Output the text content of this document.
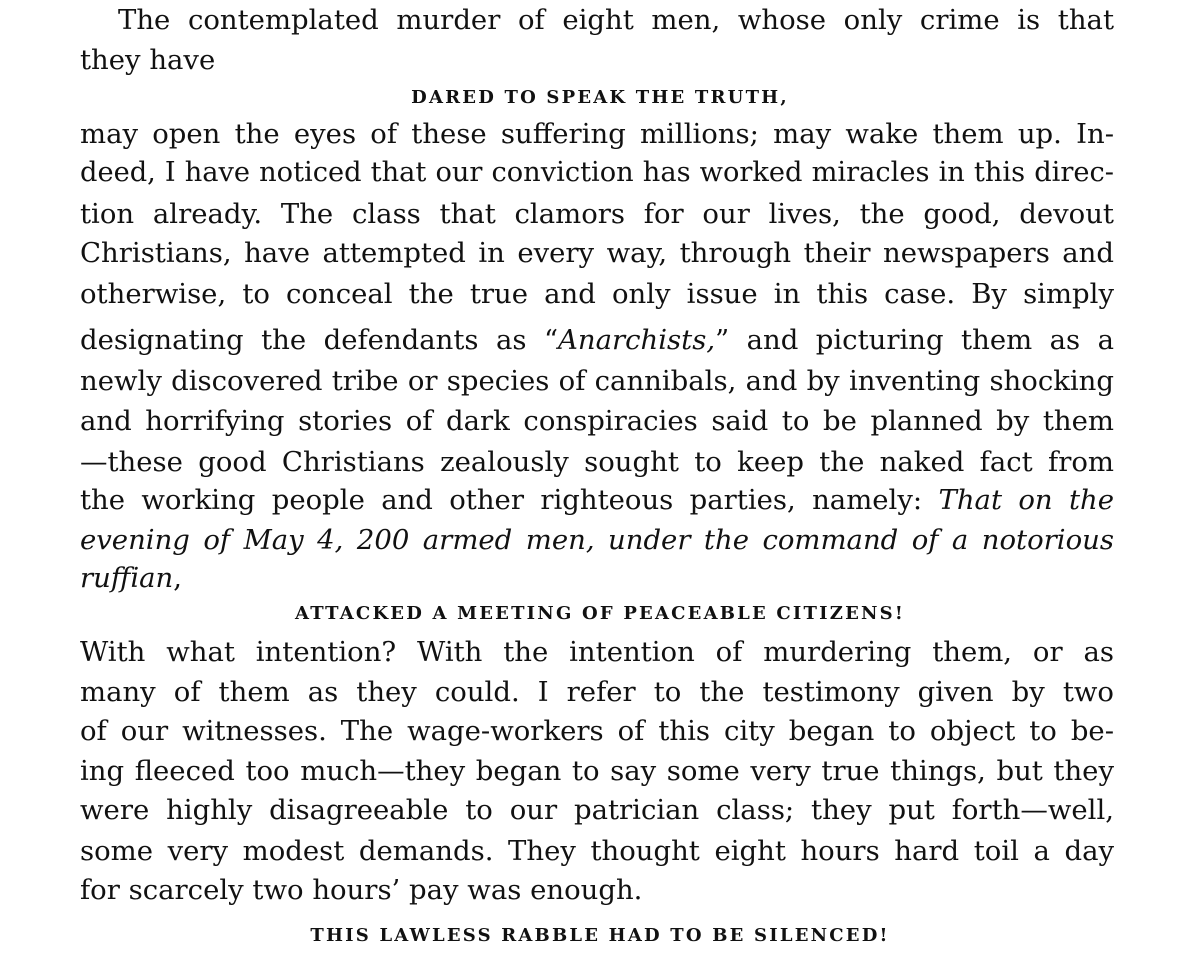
The contemplated murder of eight men, whose only crime is that
they have
DARED TO SPEAK THE TRUTH,
may open the eyes of these suffering millions; may wake them up. In-
deed, I have noticed that our conviction has worked miracles in this direc-
tion already. The class that clamors for our lives, the good, devout
Christians, have attempted in every way, through their newspapers and
otherwise, to conceal the true and only issue in this case. By simply
designating the defendants as “Anarchists,” and picturing them as a
newly discovered tribe or species of cannibals, and by inventing shocking
and horrifying stories of dark conspiracies said to be planned by them
—these good Christians zealously sought to keep the naked fact from
the working people and other righteous parties, namely: That on the
evening of May 4, 200 armed men, under the command of a notorious
ruffian,
ATTACKED A MEETING OF PEACEABLE CITIZENS!
With what intention? With the intention of murdering them, or as
many of them as they could. I refer to the testimony given by two
of our witnesses. The wage-workers of this city began to object to be-
ing fleeced too much—they began to say some very true things, but they
were highly disagreeable to our patrician class; they put forth—well,
some very modest demands. They thought eight hours hard toil a day
for scarcely two hours’ pay was enough.
THIS LAWLESS RABBLE HAD TO BE SILENCED!
